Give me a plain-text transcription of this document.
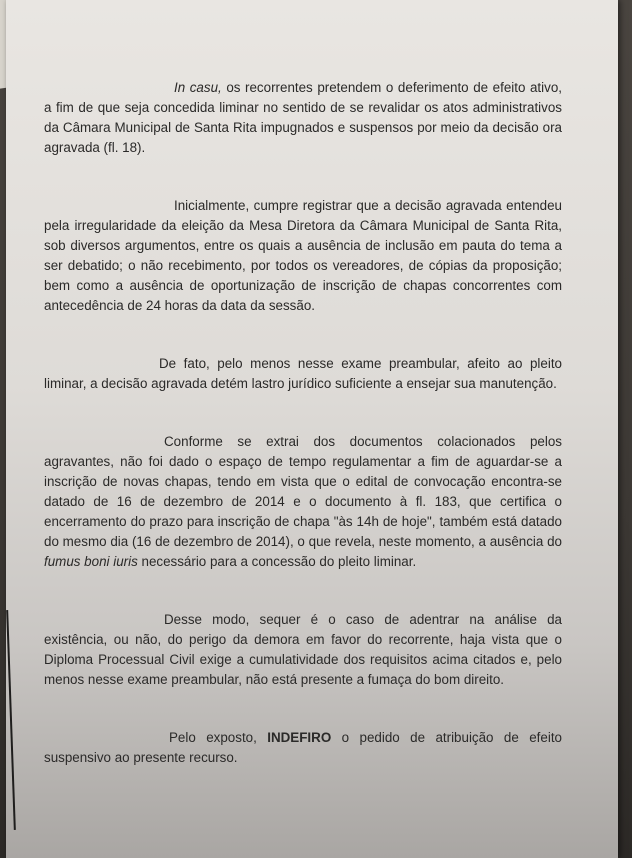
In casu, os recorrentes pretendem o deferimento de efeito ativo, a fim de que seja concedida liminar no sentido de se revalidar os atos administrativos da Câmara Municipal de Santa Rita impugnados e suspensos por meio da decisão ora agravada (fl. 18).

Inicialmente, cumpre registrar que a decisão agravada entendeu pela irregularidade da eleição da Mesa Diretora da Câmara Municipal de Santa Rita, sob diversos argumentos, entre os quais a ausência de inclusão em pauta do tema a ser debatido; o não recebimento, por todos os vereadores, de cópias da proposição; bem como a ausência de oportunização de inscrição de chapas concorrentes com antecedência de 24 horas da data da sessão.

De fato, pelo menos nesse exame preambular, afeito ao pleito liminar, a decisão agravada detém lastro jurídico suficiente a ensejar sua manutenção.

Conforme se extrai dos documentos colacionados pelos agravantes, não foi dado o espaço de tempo regulamentar a fim de aguardar-se a inscrição de novas chapas, tendo em vista que o edital de convocação encontra-se datado de 16 de dezembro de 2014 e o documento à fl. 183, que certifica o encerramento do prazo para inscrição de chapa "às 14h de hoje", também está datado do mesmo dia (16 de dezembro de 2014), o que revela, neste momento, a ausência do fumus boni iuris necessário para a concessão do pleito liminar.

Desse modo, sequer é o caso de adentrar na análise da existência, ou não, do perigo da demora em favor do recorrente, haja vista que o Diploma Processual Civil exige a cumulatividade dos requisitos acima citados e, pelo menos nesse exame preambular, não está presente a fumaça do bom direito.

Pelo exposto, INDEFIRO o pedido de atribuição de efeito suspensivo ao presente recurso.
